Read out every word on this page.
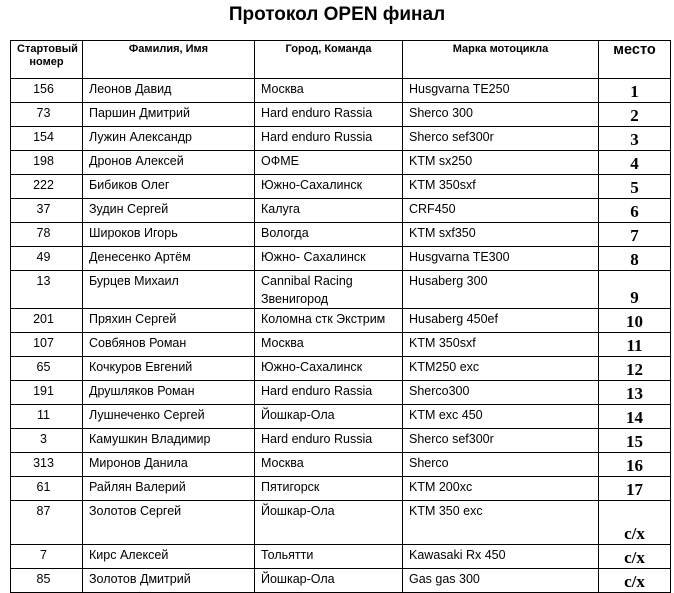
Протокол OPEN финал
Стартовый номер	Фамилия, Имя	Город, Команда	Марка мотоцикла	место
156	Леонов Давид	Москва	Husgvarna TE250	1
73	Паршин Дмитрий	Hard enduro Rassia	Sherco 300	2
154	Лужин Александр	Hard enduro Russia	Sherco sef300r	3
198	Дронов Алексей	ОФМЕ	KTM sx250	4
222	Бибиков Олег	Южно-Сахалинск	KTM 350sxf	5
37	Зудин Сергей	Калуга	CRF450	6
78	Широков Игорь	Вологда	KTM sxf350	7
49	Денесенко Артём	Южно- Сахалинск	Husgvarna TE300	8
13	Бурцев Михаил	Cannibal Racing Звенигород	Husaberg 300	9
201	Пряхин Сергей	Коломна стк Экстрим	Husaberg 450ef	10
107	Совбянов Роман	Москва	KTM 350sxf	11
65	Кочкуров Евгений	Южно-Сахалинск	KTM250 exc	12
191	Друшляков Роман	Hard enduro Rassia	Sherco300	13
11	Лушнеченко Сергей	Йошкар-Ола	KTM exc 450	14
3	Камушкин Владимир	Hard enduro Russia	Sherco sef300r	15
313	Миронов Данила	Москва	Sherco	16
61	Райлян Валерий	Пятигорск	KTM 200xc	17
87	Золотов Сергей	Йошкар-Ола	KTM 350 exc	с/х
7	Кирс Алексей	Тольятти	Kawasaki Rx 450	с/х
85	Золотов Дмитрий	Йошкар-Ола	Gas gas 300	с/х
